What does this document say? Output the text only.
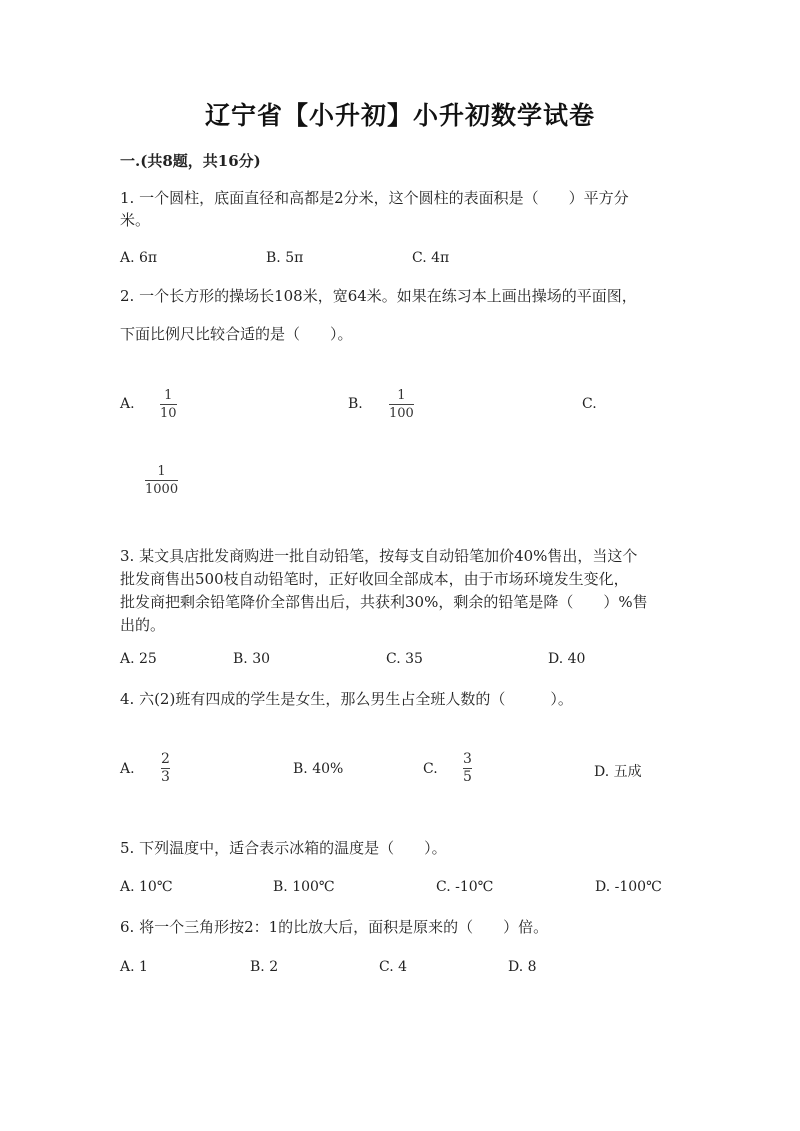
辽宁省【小升初】小升初数学试卷
一.(共8题，共16分)
1. 一个圆柱，底面直径和高都是2分米，这个圆柱的表面积是（　　）平方分
米。
A. 6π	B. 5π	C. 4π
2. 一个长方形的操场长108米，宽64米。如果在练习本上画出操场的平面图，
下面比例尺比较合适的是（　　）。
A.
1
10
B.
1
100
C.
1
1000
3. 某文具店批发商购进一批自动铅笔，按每支自动铅笔加价40%售出，当这个
批发商售出500枝自动铅笔时，正好收回全部成本，由于市场环境发生变化，
批发商把剩余铅笔降价全部售出后，共获利30%，剩余的铅笔是降（　　）%售
出的。
A. 25	B. 30	C. 35	D. 40
4. 六(2)班有四成的学生是女生，那么男生占全班人数的（　　　）。
A.
2
3	B. 40%	C.
3
5	D. 五成
5. 下列温度中，适合表示冰箱的温度是（　　）。
A. 10℃	B. 100℃	C. -10℃	D. -100℃
6. 将一个三角形按2：1的比放大后，面积是原来的（　　）倍。
A. 1	B. 2	C. 4	D. 8
